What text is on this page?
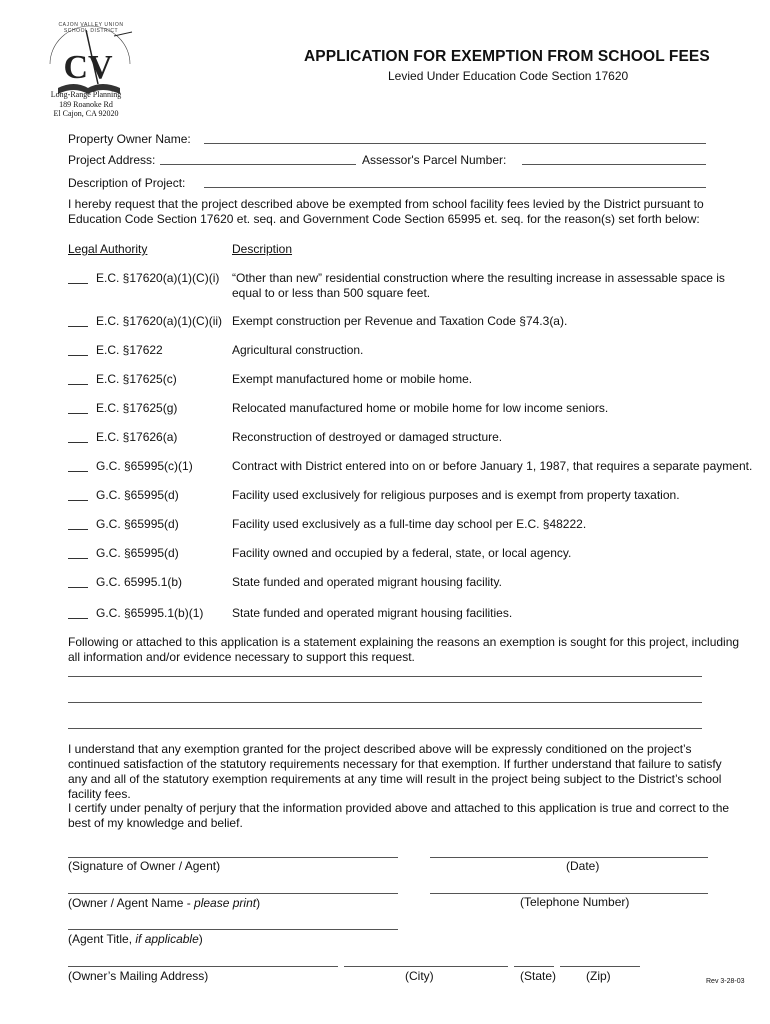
CV
CAJON VALLEY UNION SCHOOL DISTRICT
Long-Range Planning
189 Roanoke Rd
El Cajon, CA 92020
APPLICATION FOR EXEMPTION FROM SCHOOL FEES
Levied Under Education Code Section 17620
Property Owner Name:
Project Address:	Assessor's Parcel Number:
Description of Project:
I hereby request that the project described above be exempted from school facility fees levied by the District pursuant to Education Code Section 17620 et. seq. and Government Code Section 65995 et. seq. for the reason(s) set forth below:
Legal Authority	Description
E.C. §17620(a)(1)(C)(i) “Other than new” residential construction where the resulting increase in assessable space is equal to or less than 500 square feet.
E.C. §17620(a)(1)(C)(ii) Exempt construction per Revenue and Taxation Code §74.3(a).
E.C. §17622	Agricultural construction.
E.C. §17625(c)	Exempt manufactured home or mobile home.
E.C. §17625(g)	Relocated manufactured home or mobile home for low income seniors.
E.C. §17626(a)	Reconstruction of destroyed or damaged structure.
G.C. §65995(c)(1)	Contract with District entered into on or before January 1, 1987, that requires a separate payment.
G.C. §65995(d)	Facility used exclusively for religious purposes and is exempt from property taxation.
G.C. §65995(d)	Facility used exclusively as a full-time day school per E.C. §48222.
G.C. §65995(d)	Facility owned and occupied by a federal, state, or local agency.
G.C. 65995.1(b)	State funded and operated migrant housing facility.
G.C. §65995.1(b)(1) State funded and operated migrant housing facilities.
Following or attached to this application is a statement explaining the reasons an exemption is sought for this project, including all information and/or evidence necessary to support this request.
I understand that any exemption granted for the project described above will be expressly conditioned on the project’s continued satisfaction of the statutory requirements necessary for that exemption. If further understand that failure to satisfy any and all of the statutory exemption requirements at any time will result in the project being subject to the District’s school facility fees.
I certify under penalty of perjury that the information provided above and attached to this application is true and correct to the best of my knowledge and belief.
(Signature of Owner / Agent)	(Date)
(Owner / Agent Name - please print)	(Telephone Number)
(Agent Title, if applicable)
(Owner’s Mailing Address)	(City)	(State) (Zip)	Rev 3-28-03
